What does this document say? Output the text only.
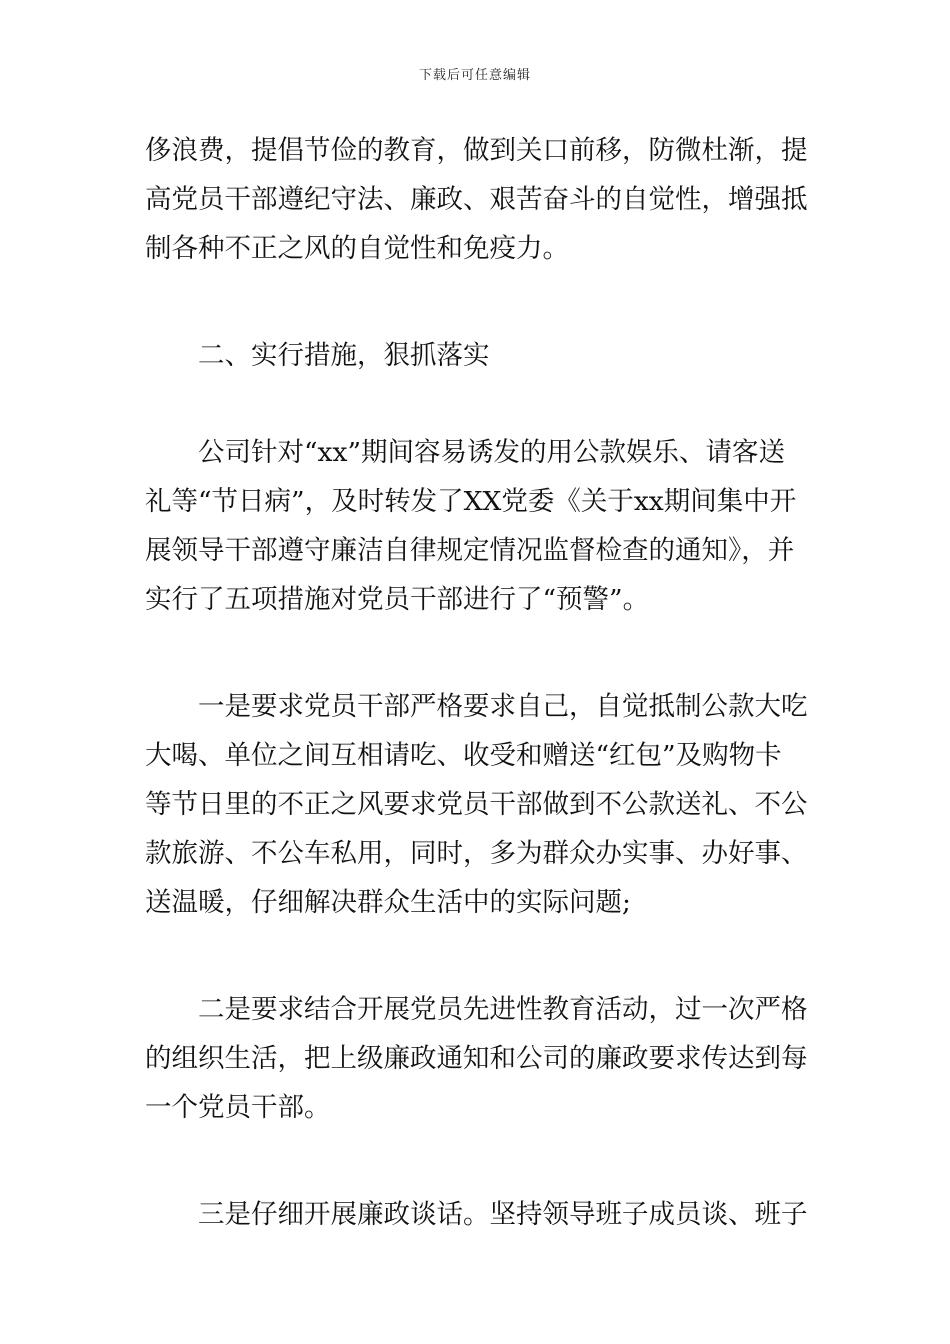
下载后可任意编辑
侈浪费，提倡节俭的教育，做到关口前移，防微杜渐，提
高党员干部遵纪守法、廉政、艰苦奋斗的自觉性，增强抵
制各种不正之风的自觉性和免疫力。
　　二、实行措施，狠抓落实
　　公司针对“xx”期间容易诱发的用公款娱乐、请客送
礼等“节日病”，及时转发了XX党委《关于xx期间集中开
展领导干部遵守廉洁自律规定情况监督检查的通知》，并
实行了五项措施对党员干部进行了“预警”。
　　一是要求党员干部严格要求自己，自觉抵制公款大吃
大喝、单位之间互相请吃、收受和赠送“红包”及购物卡
等节日里的不正之风要求党员干部做到不公款送礼、不公
款旅游、不公车私用，同时，多为群众办实事、办好事、
送温暖，仔细解决群众生活中的实际问题;
　　二是要求结合开展党员先进性教育活动，过一次严格
的组织生活，把上级廉政通知和公司的廉政要求传达到每
一个党员干部。
　　三是仔细开展廉政谈话。坚持领导班子成员谈、班子
